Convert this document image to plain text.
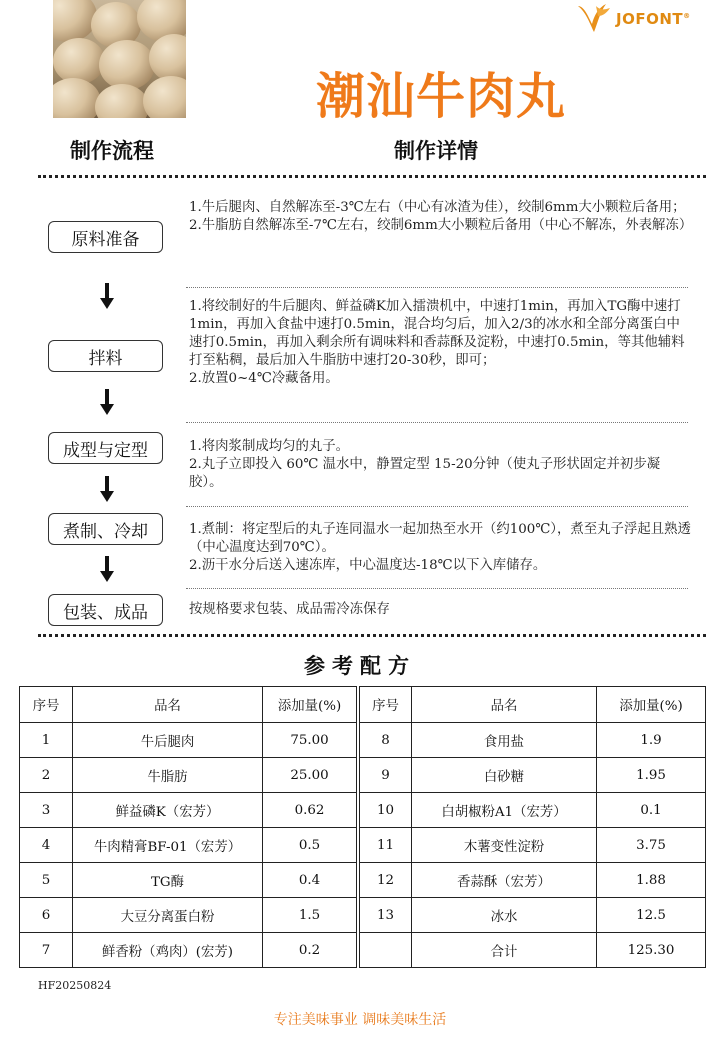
JOFONT®
潮汕牛肉丸
制作流程	制作详情
原料准备

1.牛后腿肉、自然解冻至-3℃左右（中心有冰渣为佳），绞制6mm大小颗粒后备用；

2.牛脂肪自然解冻至-7℃左右，绞制6mm大小颗粒后备用（中心不解冻，外表解冻）

拌料

1.将绞制好的牛后腿肉、鲜益磷K加入擂溃机中，中速打1min，再加入TG酶中速打1min，再加入食盐中速打0.5min，混合均匀后，加入2/3的冰水和全部分离蛋白中速打0.5min，再加入剩余所有调味料和香蒜酥及淀粉，中速打0.5min，等其他辅料打至粘稠，最后加入牛脂肪中速打20-30秒，即可；

2.放置0~4℃冷藏备用。

成型与定型	1.将肉浆制成均匀的丸子。

2.丸子立即投入 60℃ 温水中，静置定型 15-20分钟（使丸子形状固定并初步凝胶）。

煮制、冷却	1.煮制：将定型后的丸子连同温水一起加热至水开（约100℃），煮至丸子浮起且熟透（中心温度达到70℃）。

2.沥干水分后送入速冻库，中心温度达-18℃以下入库储存。

包装、成品	按规格要求包装、成品需冷冻保存

参考配方
序号	品名	添加量(%)
1	牛后腿肉	75.00
2	牛脂肪	25.00
3	鲜益磷K（宏芳）	0.62
4	牛肉精膏BF-01（宏芳）	0.5
5	TG酶	0.4
6	大豆分离蛋白粉	1.5
7	鲜香粉（鸡肉）(宏芳)	0.2
序号	品名	添加量(%)
8	食用盐	1.9
9	白砂糖	1.95
10	白胡椒粉A1（宏芳）	0.1
11	木薯变性淀粉	3.75
12	香蒜酥（宏芳）	1.88
13	冰水	12.5
	合计	125.30
HF20250824
专注美味事业 调味美味生活
